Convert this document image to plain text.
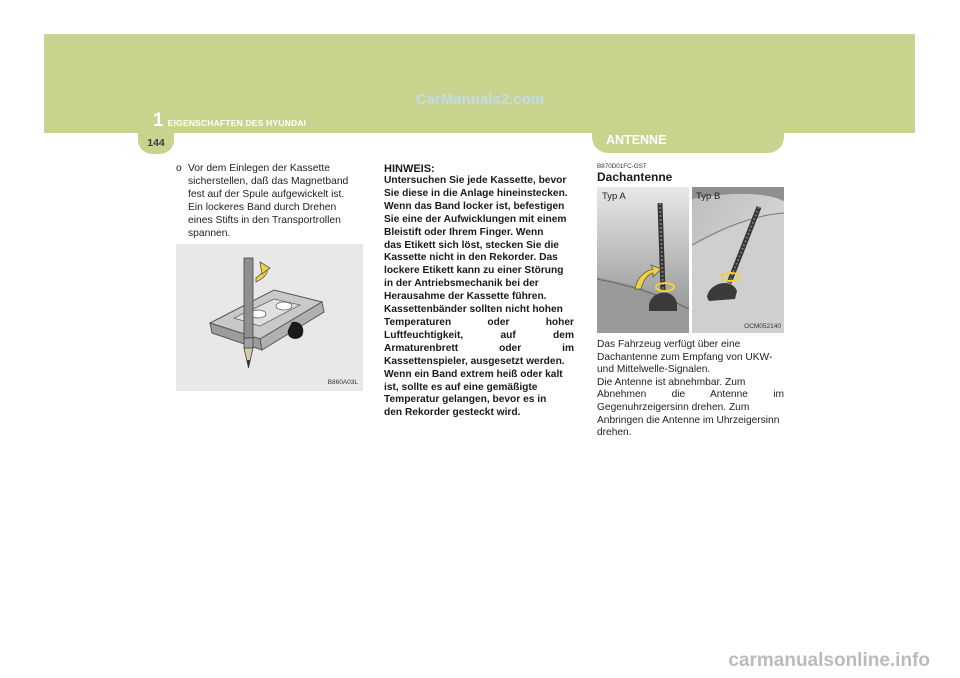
CarManuals2.com
1 EIGENSCHAFTEN DES HYUNDAI
144	ANTENNE
o Vor dem Einlegen der Kassette
sicherstellen, daß das Magnetband
fest auf der Spule aufgewickelt ist.
Ein lockeres Band durch Drehen
eines Stifts in den Transportrollen
spannen.
B860A03L
HINWEIS:
Untersuchen Sie jede Kassette, bevor
Sie diese in die Anlage hineinstecken.
Wenn das Band locker ist, befestigen
Sie eine der Aufwicklungen mit einem
Bleistift oder Ihrem Finger. Wenn
das Etikett sich löst, stecken Sie die
Kassette nicht in den Rekorder. Das
lockere Etikett kann zu einer Störung
in der Antriebsmechanik bei der
Herausahme der Kassette führen.
Kassettenbänder sollten nicht hohen
Temperaturen oder hoher
Luftfeuchtigkeit, auf dem
Armaturenbrett oder im
Kassettenspieler, ausgesetzt werden.
Wenn ein Band extrem heiß oder kalt
ist, sollte es auf eine gemäßigte
Temperatur gelangen, bevor es in
den Rekorder gesteckt wird.
B870D01FC-GST
Dachantenne
OCM052140
Typ A	Typ B
Das Fahrzeug verfügt über eine
Dachantenne zum Empfang von UKW-
und Mittelwelle-Signalen.
Die Antenne ist abnehmbar. Zum
Abnehmen die Antenne im
Gegenuhrzeigersinn drehen. Zum
Anbringen die Antenne im Uhrzeigersinn
drehen.
carmanualsonline.info
